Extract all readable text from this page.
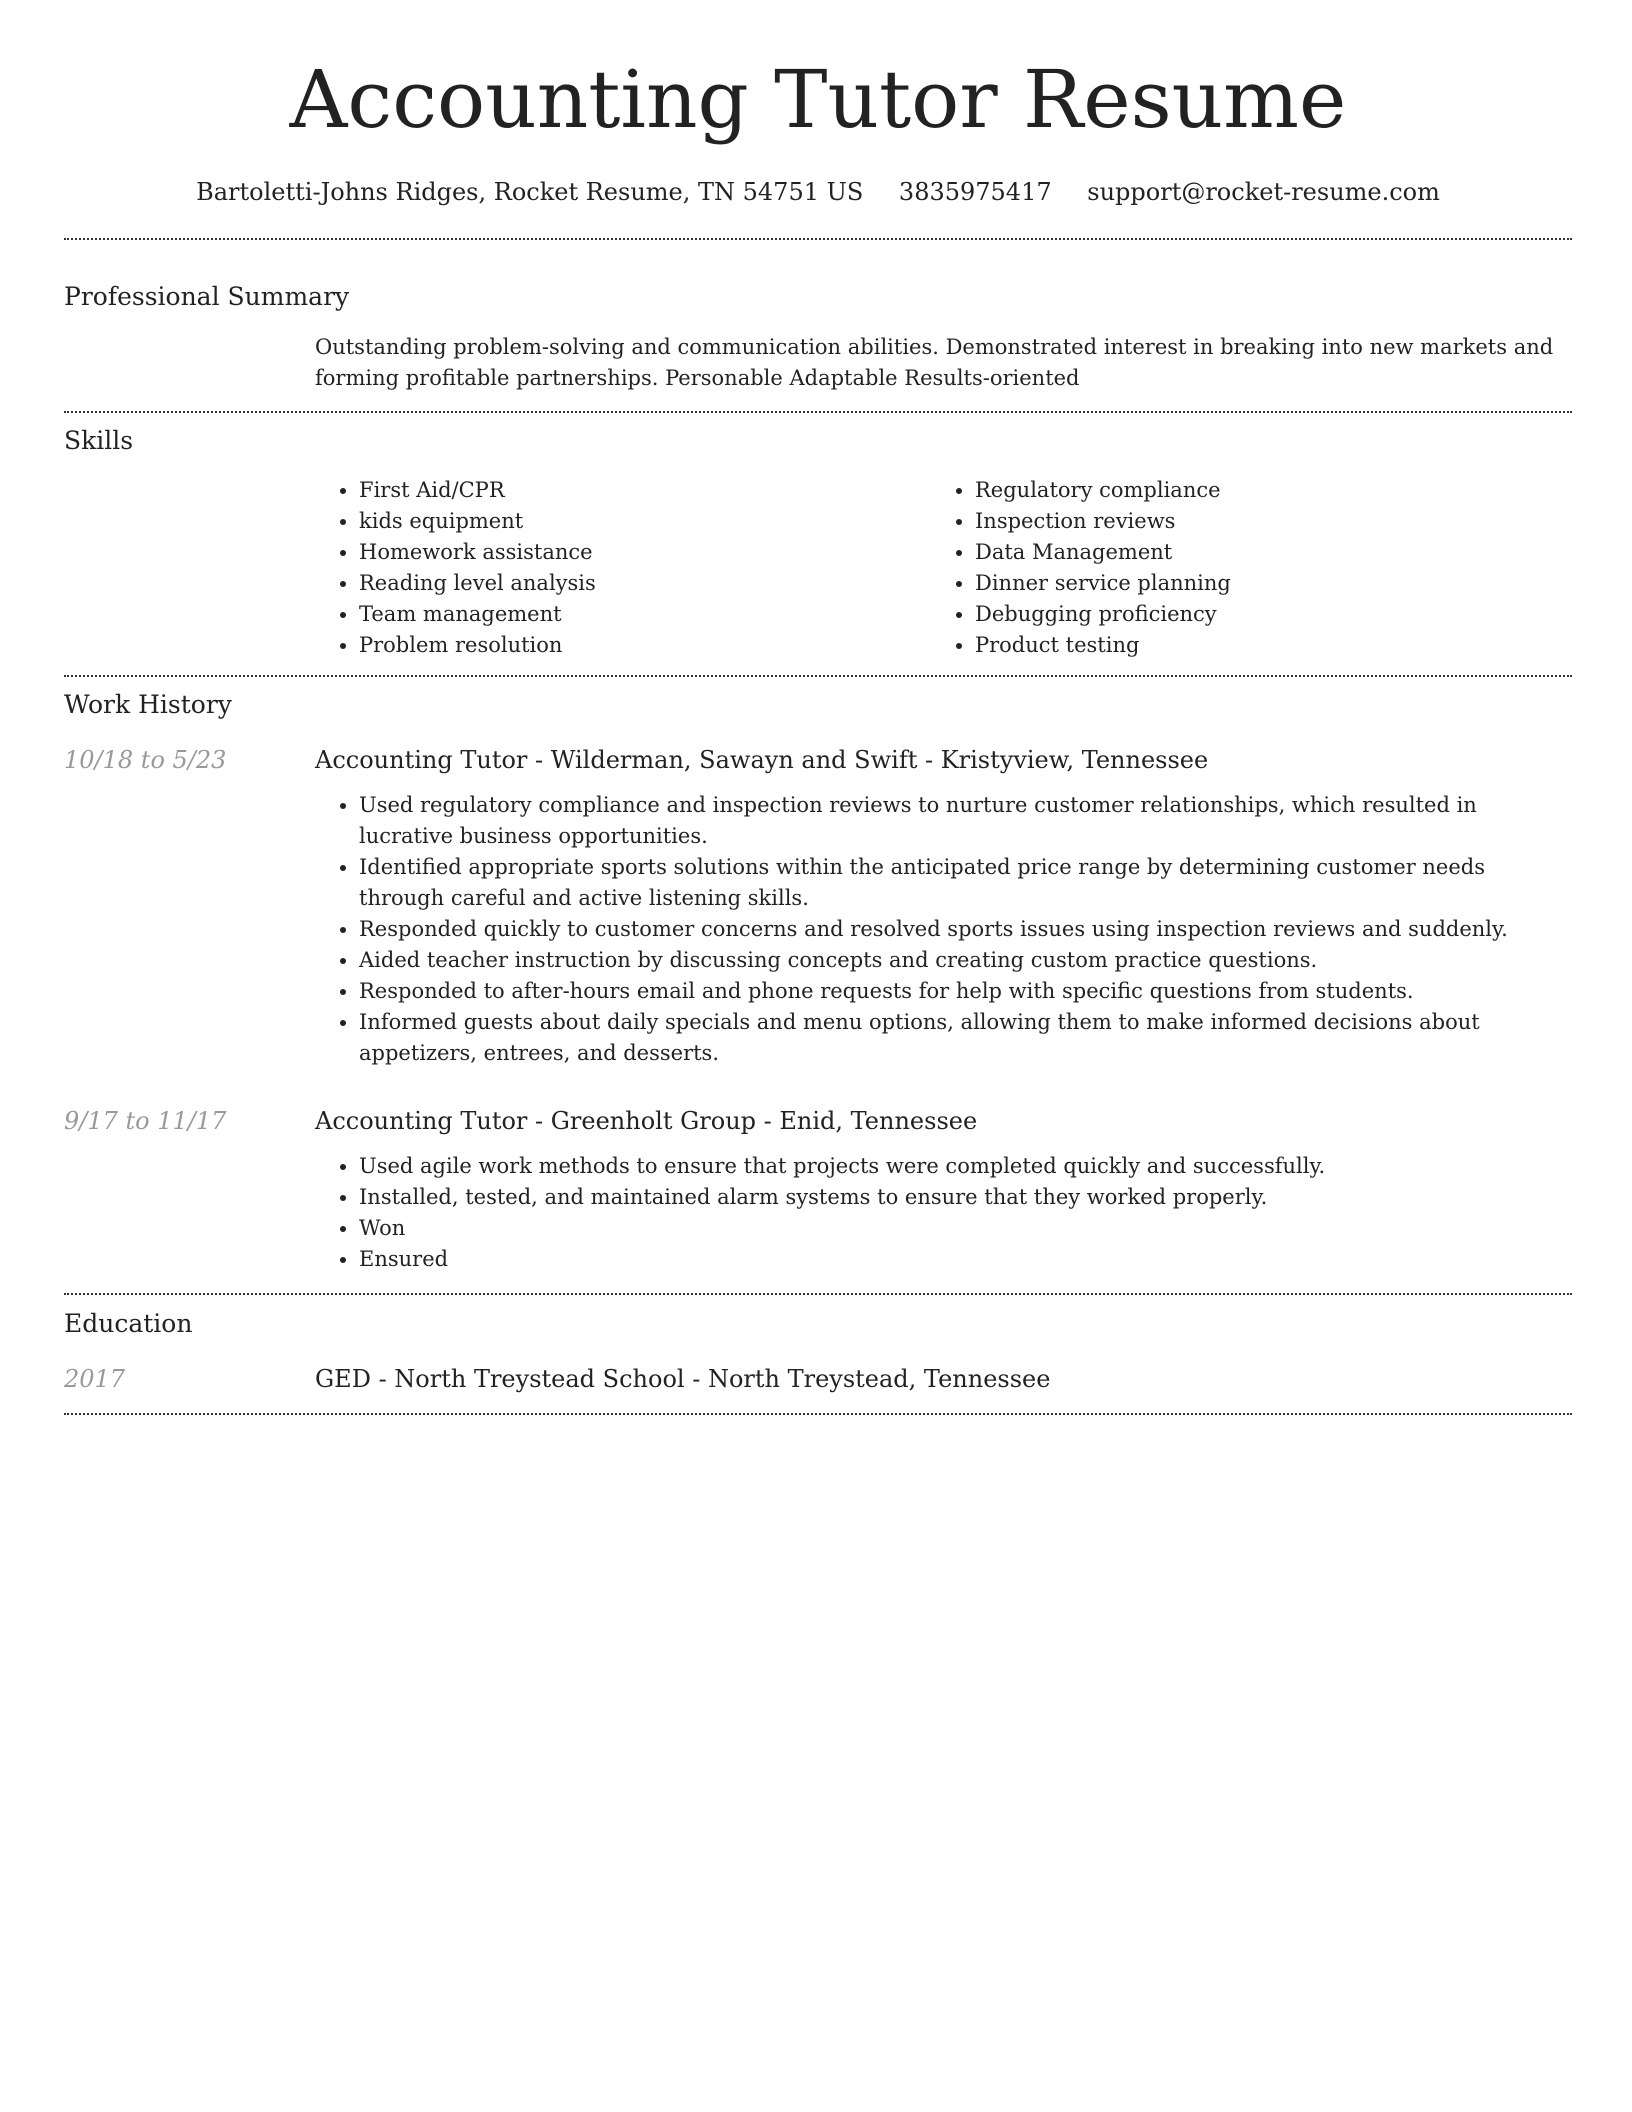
Accounting Tutor Resume
Bartoletti-Johns Ridges, Rocket Resume, TN 54751 US 3835975417 support@rocket-resume.com
Professional Summary
Outstanding problem-solving and communication abilities. Demonstrated interest in breaking into new markets and forming profitable partnerships. Personable Adaptable Results-oriented
Skills
• First Aid/CPR
• kids equipment
• Homework assistance
• Reading level analysis
• Team management
• Problem resolution
• Regulatory compliance
• Inspection reviews
• Data Management
• Dinner service planning
• Debugging proficiency
• Product testing
Work History
10/18 to 5/23	Accounting Tutor - Wilderman, Sawayn and Swift - Kristyview, Tennessee
• Used regulatory compliance and inspection reviews to nurture customer relationships, which resulted in lucrative business opportunities.
• Identified appropriate sports solutions within the anticipated price range by determining customer needs through careful and active listening skills.
• Responded quickly to customer concerns and resolved sports issues using inspection reviews and suddenly.
• Aided teacher instruction by discussing concepts and creating custom practice questions.
• Responded to after-hours email and phone requests for help with specific questions from students.
• Informed guests about daily specials and menu options, allowing them to make informed decisions about appetizers, entrees, and desserts.
9/17 to 11/17	Accounting Tutor - Greenholt Group - Enid, Tennessee
• Used agile work methods to ensure that projects were completed quickly and successfully.
• Installed, tested, and maintained alarm systems to ensure that they worked properly.
• Won
• Ensured
Education
2017	GED - North Treystead School - North Treystead, Tennessee
